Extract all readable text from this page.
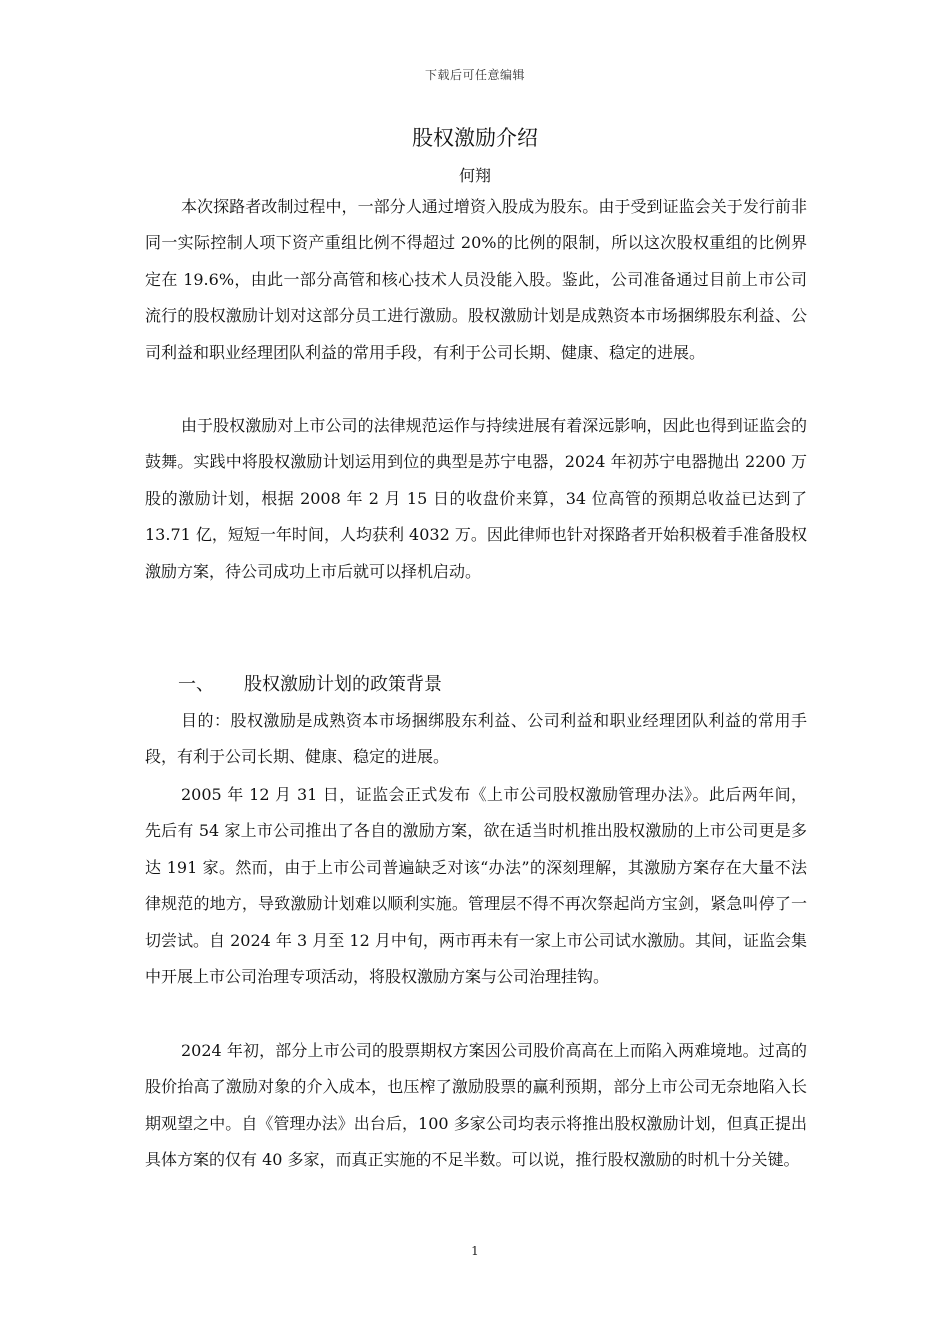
下载后可任意编辑
股权激励介绍
何翔

本次探路者改制过程中，一部分人通过增资入股成为股东。由于受到证监会关于发行前非同一实际控制人项下资产重组比例不得超过 20%的比例的限制，所以这次股权重组的比例界定在 19.6%，由此一部分高管和核心技术人员没能入股。鉴此，公司准备通过目前上市公司流行的股权激励计划对这部分员工进行激励。股权激励计划是成熟资本市场捆绑股东利益、公司利益和职业经理团队利益的常用手段，有利于公司长期、健康、稳定的进展。

由于股权激励对上市公司的法律规范运作与持续进展有着深远影响，因此也得到证监会的鼓舞。实践中将股权激励计划运用到位的典型是苏宁电器，2024 年初苏宁电器抛出 2200 万股的激励计划，根据 2008 年 2 月 15 日的收盘价来算，34 位高管的预期总收益已达到了 13.71 亿，短短一年时间，人均获利 4032 万。因此律师也针对探路者开始积极着手准备股权激励方案，待公司成功上市后就可以择机启动。

一、	股权激励计划的政策背景

目的：股权激励是成熟资本市场捆绑股东利益、公司利益和职业经理团队利益的常用手段，有利于公司长期、健康、稳定的进展。

2005 年 12 月 31 日，证监会正式发布《上市公司股权激励管理办法》。此后两年间，先后有 54 家上市公司推出了各自的激励方案，欲在适当时机推出股权激励的上市公司更是多达 191 家。然而，由于上市公司普遍缺乏对该“办法”的深刻理解，其激励方案存在大量不法律规范的地方，导致激励计划难以顺利实施。管理层不得不再次祭起尚方宝剑，紧急叫停了一切尝试。自 2024 年 3 月至 12 月中旬，两市再未有一家上市公司试水激励。其间，证监会集中开展上市公司治理专项活动，将股权激励方案与公司治理挂钩。

2024 年初，部分上市公司的股票期权方案因公司股价高高在上而陷入两难境地。过高的股价抬高了激励对象的介入成本，也压榨了激励股票的赢利预期，部分上市公司无奈地陷入长期观望之中。自《管理办法》出台后，100 多家公司均表示将推出股权激励计划，但真正提出具体方案的仅有 40 多家，而真正实施的不足半数。可以说，推行股权激励的时机十分关键。

1
